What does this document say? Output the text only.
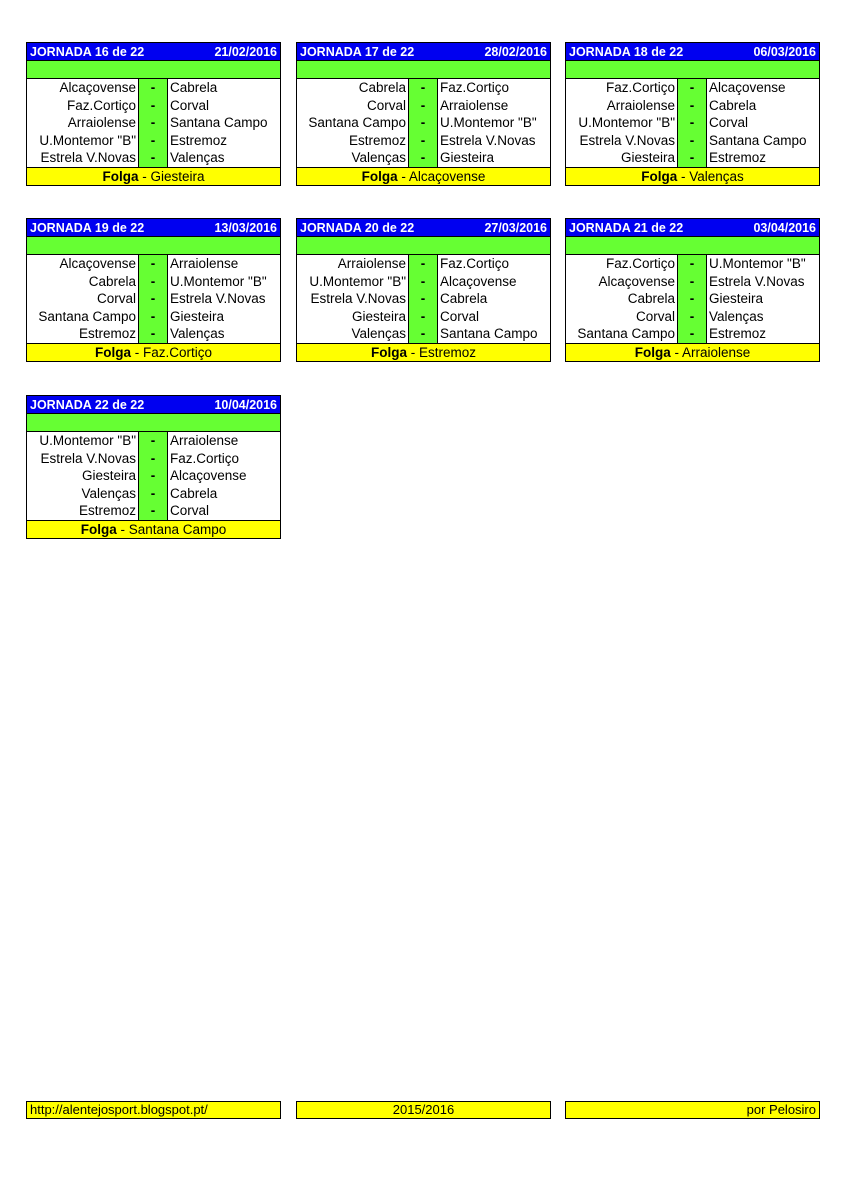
JORNADA 16 de 22	21/02/2016
Alcaçovense	-	Cabrela
Faz.Cortiço	-	Corval
Arraiolense	-	Santana Campo
U.Montemor "B"	-	Estremoz
Estrela V.Novas	-	Valenças
Folga - Giesteira
JORNADA 17 de 22	28/02/2016
Cabrela	-	Faz.Cortiço
Corval	-	Arraiolense
Santana Campo	-	U.Montemor "B"
Estremoz	-	Estrela V.Novas
Valenças	-	Giesteira
Folga - Alcaçovense
JORNADA 18 de 22	06/03/2016
Faz.Cortiço	-	Alcaçovense
Arraiolense	-	Cabrela
U.Montemor "B"	-	Corval
Estrela V.Novas	-	Santana Campo
Giesteira	-	Estremoz
Folga - Valenças
JORNADA 19 de 22	13/03/2016
Alcaçovense	-	Arraiolense
Cabrela	-	U.Montemor "B"
Corval	-	Estrela V.Novas
Santana Campo	-	Giesteira
Estremoz	-	Valenças
Folga - Faz.Cortiço
JORNADA 20 de 22	27/03/2016
Arraiolense	-	Faz.Cortiço
U.Montemor "B"	-	Alcaçovense
Estrela V.Novas	-	Cabrela
Giesteira	-	Corval
Valenças	-	Santana Campo
Folga - Estremoz
JORNADA 21 de 22	03/04/2016
Faz.Cortiço	-	U.Montemor "B"
Alcaçovense	-	Estrela V.Novas
Cabrela	-	Giesteira
Corval	-	Valenças
Santana Campo	-	Estremoz
Folga - Arraiolense
JORNADA 22 de 22	10/04/2016
U.Montemor "B"	-	Arraiolense
Estrela V.Novas	-	Faz.Cortiço
Giesteira	-	Alcaçovense
Valenças	-	Cabrela
Estremoz	-	Corval
Folga - Santana Campo
http://alentejosport.blogspot.pt/	2015/2016	por Pelosiro
